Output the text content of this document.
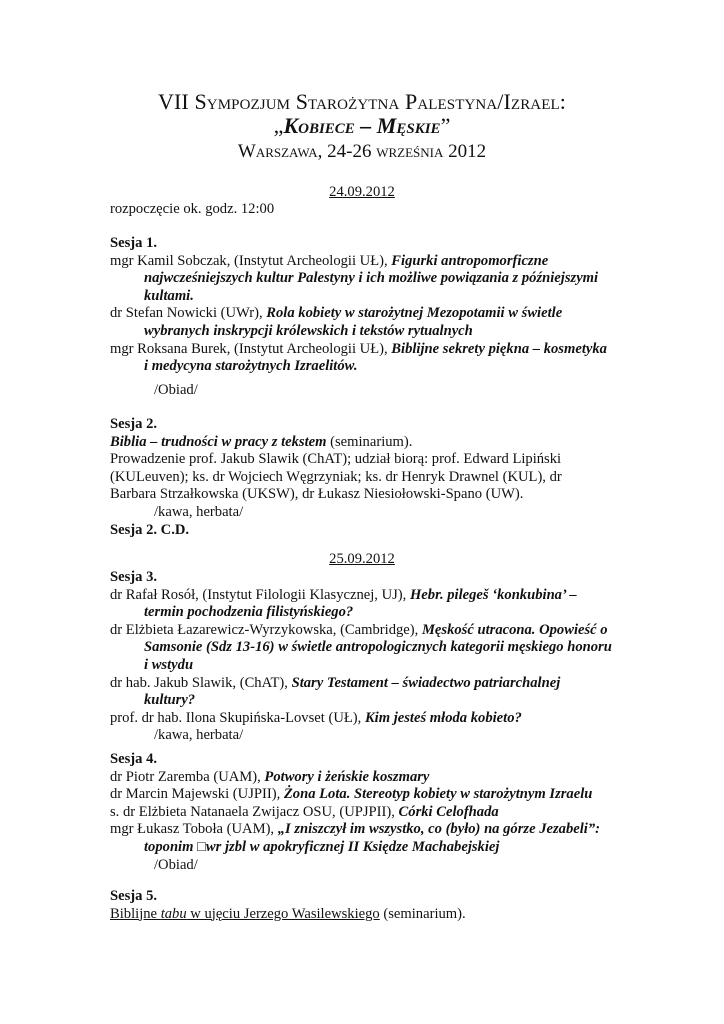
VII Sympozjum Starożytna Palestyna/Izrael:
„Kobiece – Męskie”
Warszawa, 24-26 września 2012
24.09.2012
rozpoczęcie ok. godz. 12:00
Sesja 1.
mgr Kamil Sobczak, (Instytut Archeologii UŁ), Figurki antropomorficzne
najwcześniejszych kultur Palestyny i ich możliwe powiązania z późniejszymi
kultami.
dr Stefan Nowicki (UWr), Rola kobiety w starożytnej Mezopotamii w świetle
wybranych inskrypcji królewskich i tekstów rytualnych
mgr Roksana Burek, (Instytut Archeologii UŁ), Biblijne sekrety piękna – kosmetyka
i medycyna starożytnych Izraelitów.
/Obiad/
Sesja 2.
Biblia – trudności w pracy z tekstem (seminarium).
Prowadzenie prof. Jakub Slawik (ChAT); udział biorą: prof. Edward Lipiński
(KULeuven); ks. dr Wojciech Węgrzyniak; ks. dr Henryk Drawnel (KUL), dr
Barbara Strzałkowska (UKSW), dr Łukasz Niesiołowski-Spano (UW).
/kawa, herbata/
Sesja 2. C.D.
25.09.2012
Sesja 3.
dr Rafał Rosół, (Instytut Filologii Klasycznej, UJ), Hebr. pilegeš ‘konkubina’ –
termin pochodzenia filistyńskiego?
dr Elżbieta Łazarewicz-Wyrzykowska, (Cambridge), Męskość utracona. Opowieść o
Samsonie (Sdz 13-16) w świetle antropologicznych kategorii męskiego honoru
i wstydu
dr hab. Jakub Slawik, (ChAT), Stary Testament – świadectwo patriarchalnej
kultury?
prof. dr hab. Ilona Skupińska-Lovset (UŁ), Kim jesteś młoda kobieto?
/kawa, herbata/
Sesja 4.
dr Piotr Zaremba (UAM), Potwory i żeńskie koszmary
dr Marcin Majewski (UJPII), Żona Lota. Stereotyp kobiety w starożytnym Izraelu
s. dr Elżbieta Natanaela Zwijacz OSU, (UPJPII), Córki Celofhada
mgr Łukasz Toboła (UAM), „I zniszczył im wszystko, co (było) na górze Jezabeli”:
toponim □wr jzbl w apokryficznej II Księdze Machabejskiej
/Obiad/
Sesja 5.
Biblijne tabu w ujęciu Jerzego Wasilewskiego (seminarium).
